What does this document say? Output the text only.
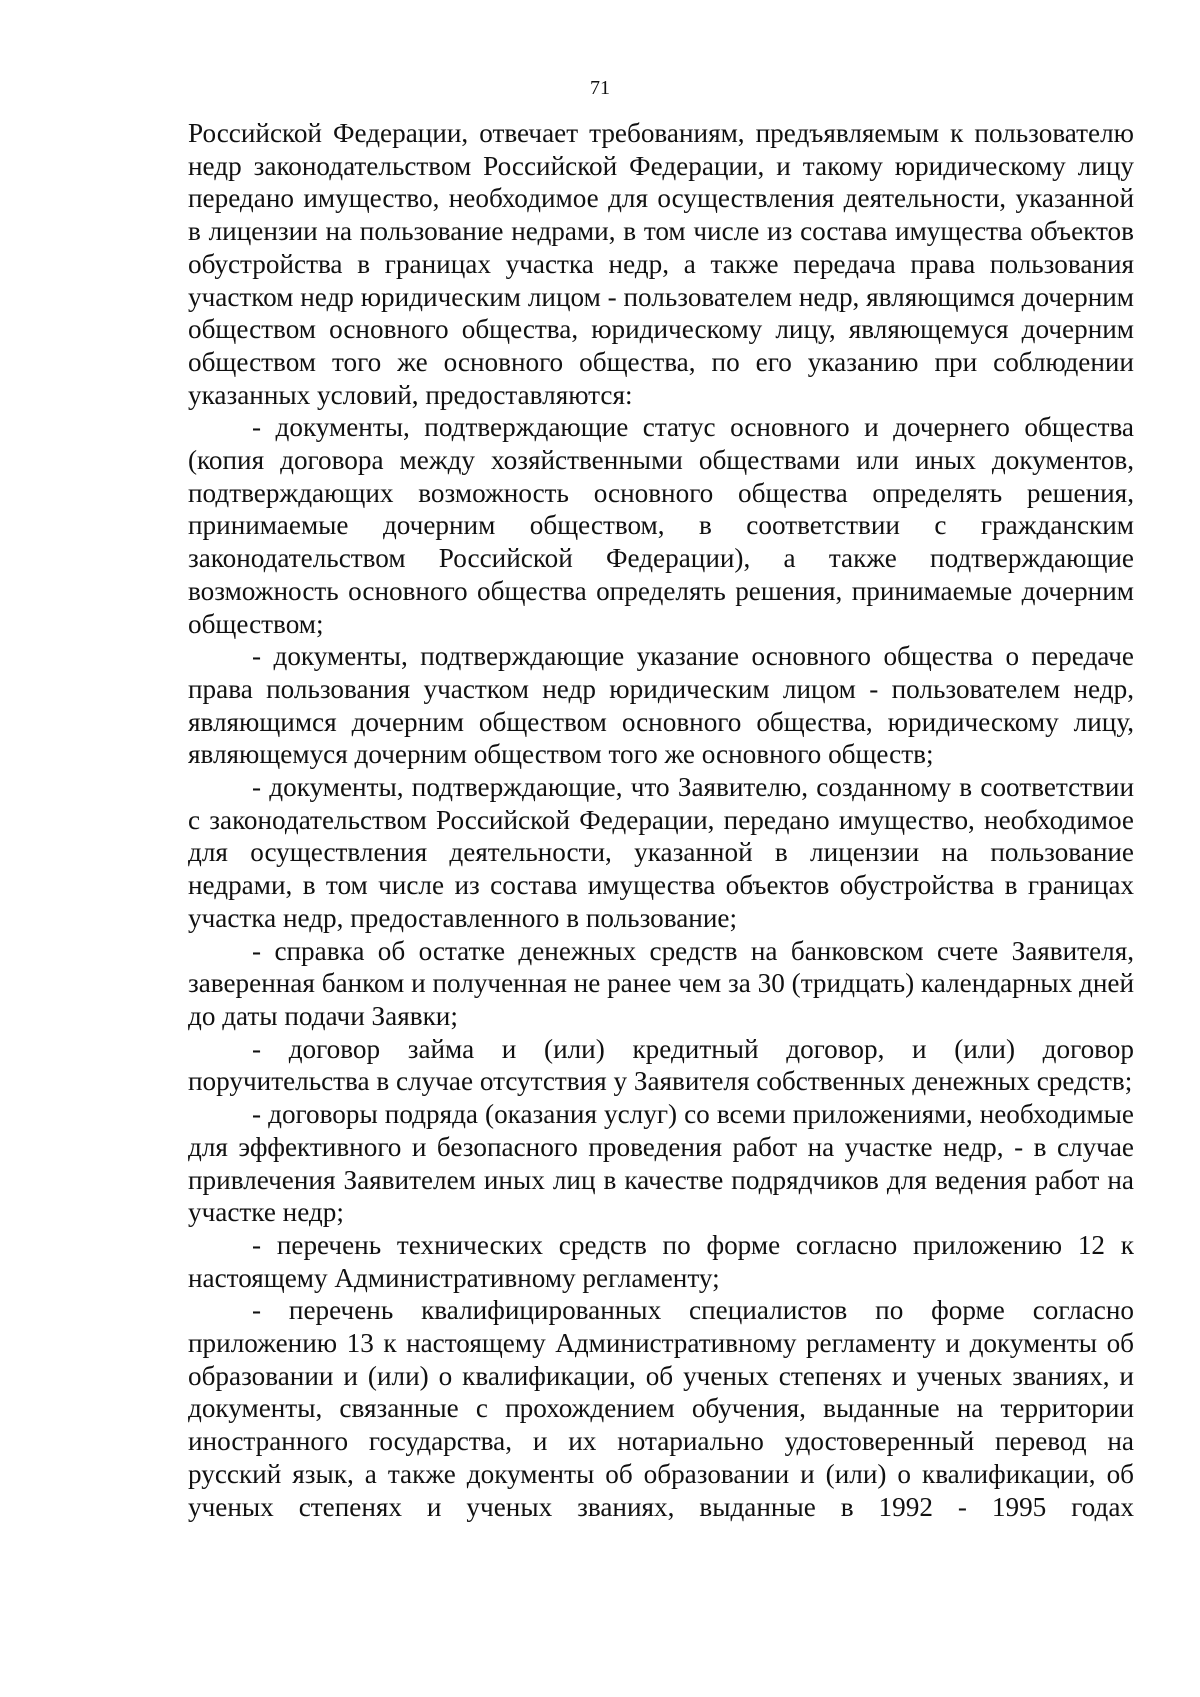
71

Российской Федерации, отвечает требованиям, предъявляемым к пользователю недр законодательством Российской Федерации, и такому юридическому лицу передано имущество, необходимое для осуществления деятельности, указанной в лицензии на пользование недрами, в том числе из состава имущества объектов обустройства в границах участка недр, а также передача права пользования участком недр юридическим лицом - пользователем недр, являющимся дочерним обществом основного общества, юридическому лицу, являющемуся дочерним обществом того же основного общества, по его указанию при соблюдении указанных условий, предоставляются:

- документы, подтверждающие статус основного и дочернего общества (копия договора между хозяйственными обществами или иных документов, подтверждающих возможность основного общества определять решения, принимаемые дочерним обществом, в соответствии с гражданским законодательством Российской Федерации), а также подтверждающие возможность основного общества определять решения, принимаемые дочерним обществом;

- документы, подтверждающие указание основного общества о передаче права пользования участком недр юридическим лицом - пользователем недр, являющимся дочерним обществом основного общества, юридическому лицу, являющемуся дочерним обществом того же основного обществ;

- документы, подтверждающие, что Заявителю, созданному в соответствии с законодательством Российской Федерации, передано имущество, необходимое для осуществления деятельности, указанной в лицензии на пользование недрами, в том числе из состава имущества объектов обустройства в границах участка недр, предоставленного в пользование;

- справка об остатке денежных средств на банковском счете Заявителя, заверенная банком и полученная не ранее чем за 30 (тридцать) календарных дней до даты подачи Заявки;

- договор займа и (или) кредитный договор, и (или) договор поручительства в случае отсутствия у Заявителя собственных денежных средств;

- договоры подряда (оказания услуг) со всеми приложениями, необходимые для эффективного и безопасного проведения работ на участке недр, - в случае привлечения Заявителем иных лиц в качестве подрядчиков для ведения работ на участке недр;

- перечень технических средств по форме согласно приложению 12 к настоящему Административному регламенту;

- перечень квалифицированных специалистов по форме согласно приложению 13 к настоящему Административному регламенту и документы об образовании и (или) о квалификации, об ученых степенях и ученых званиях, и документы, связанные с прохождением обучения, выданные на территории иностранного государства, и их нотариально удостоверенный перевод на русский язык, а также документы об образовании и (или) о квалификации, об ученых степенях и ученых званиях, выданные в 1992 - 1995 годах
